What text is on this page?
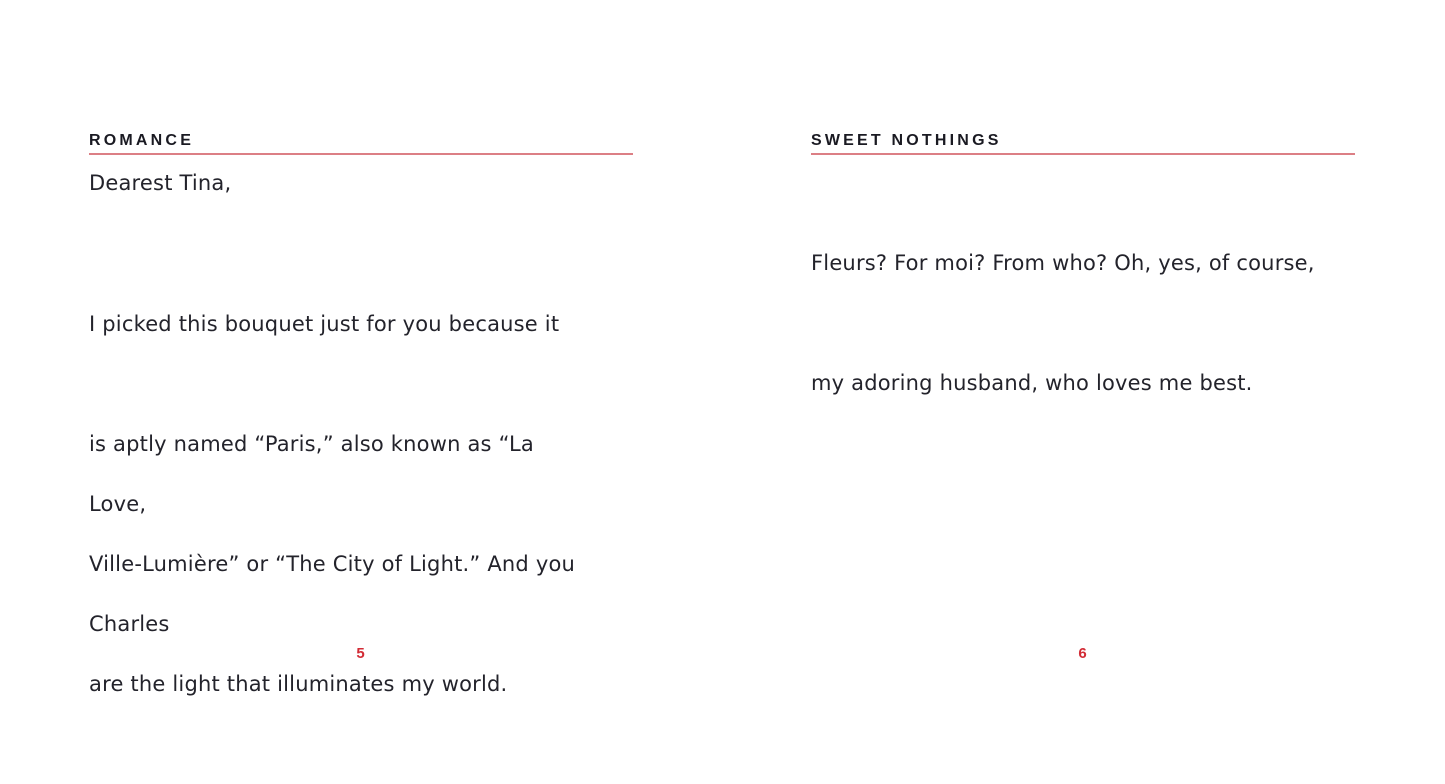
ROMANCE
Dearest Tina,

I picked this bouquet just for you because it

is aptly named “Paris,” also known as “La

Ville-Lumière” or “The City of Light.” And you

are the light that illuminates my world.

Love,

Charles

5
SWEET NOTHINGS

Fleurs? For moi? From who? Oh, yes, of course,

my adoring husband, who loves me best.

6
